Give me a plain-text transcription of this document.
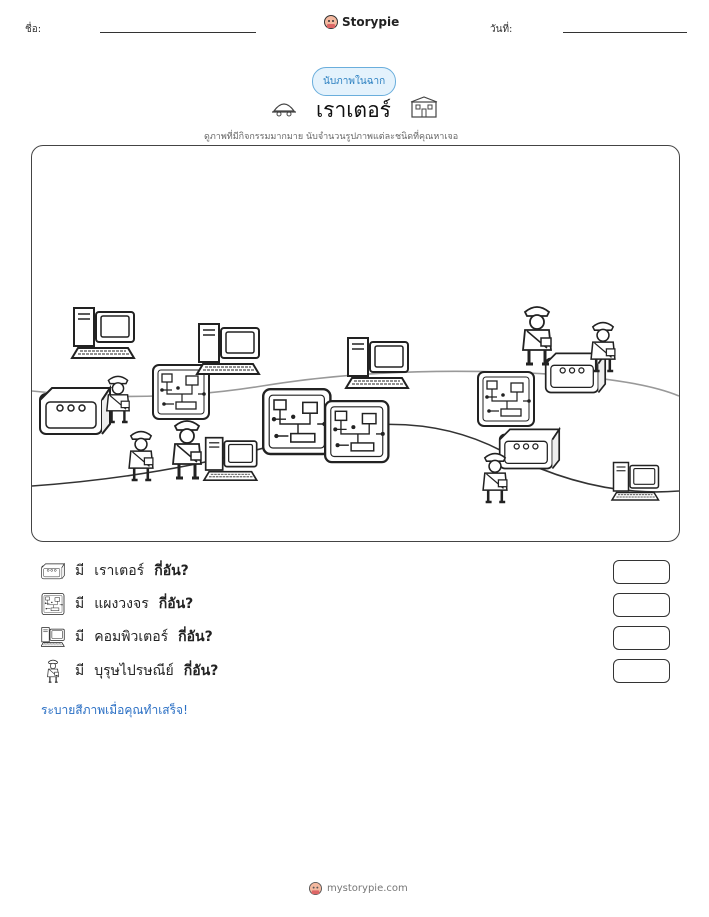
ชื่อ:
Storypie
วันที่:
นับภาพในฉาก
เราเตอร์
ดูภาพที่มีกิจกรรมมากมาย นับจำนวนรูปภาพแต่ละชนิดที่คุณหาเจอ
มี เราเตอร์ กี่อัน?
มี แผงวงจร กี่อัน?
มี คอมพิวเตอร์ กี่อัน?
มี บุรุษไปรษณีย์ กี่อัน?
ระบายสีภาพเมื่อคุณทำเสร็จ!
mystorypie.com
